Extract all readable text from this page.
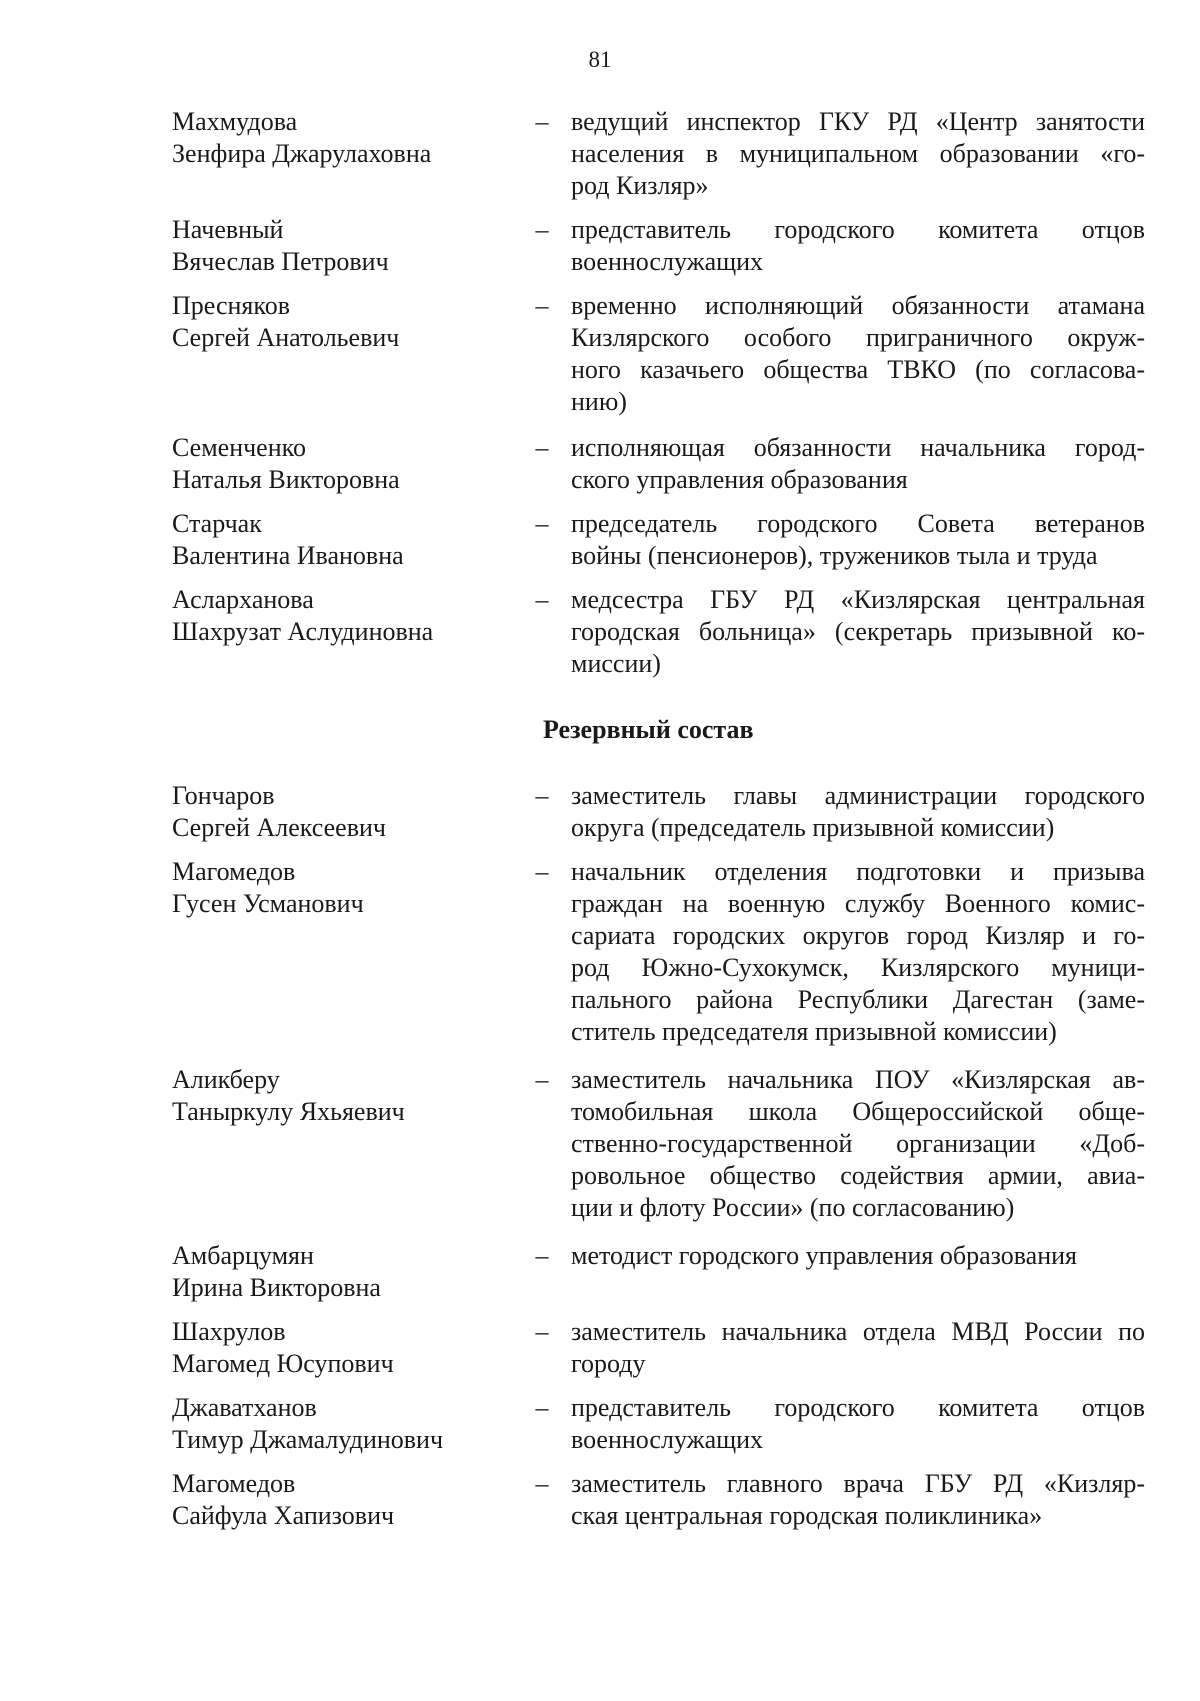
81
Махмудова
Зенфира Джарулаховна
– ведущий инспектор ГКУ РД «Центр занятости
населения в муниципальном образовании «го-
род Кизляр»
Начевный
Вячеслав Петрович
– представитель городского комитета отцов
военнослужащих
Пресняков
Сергей Анатольевич
– временно исполняющий обязанности атамана
Кизлярского особого приграничного окруж-
ного казачьего общества ТВКО (по согласова-
нию)
Семенченко
Наталья Викторовна
– исполняющая обязанности начальника город-
ского управления образования
Старчак
Валентина Ивановна
– председатель городского Совета ветеранов
войны (пенсионеров), тружеников тыла и труда
Асларханова
Шахрузат Аслудиновна
– медсестра ГБУ РД «Кизлярская центральная
городская больница» (секретарь призывной ко-
миссии)
Резервный состав
Гончаров
Сергей Алексеевич
– заместитель главы администрации городского
округа (председатель призывной комиссии)
Магомедов
Гусен Усманович
– начальник отделения подготовки и призыва
граждан на военную службу Военного комис-
сариата городских округов город Кизляр и го-
род Южно-Сухокумск, Кизлярского муници-
пального района Республики Дагестан (заме-
ститель председателя призывной комиссии)
Аликберу
Таныркулу Яхьяевич
– заместитель начальника ПОУ «Кизлярская ав-
томобильная школа Общероссийской обще-
ственно-государственной организации «Доб-
ровольное общество содействия армии, авиа-
ции и флоту России» (по согласованию)
Амбарцумян
Ирина Викторовна
– методист городского управления образования
Шахрулов
Магомед Юсупович
– заместитель начальника отдела МВД России по
городу
Джаватханов
Тимур Джамалудинович
– представитель городского комитета отцов
военнослужащих
Магомедов
Сайфула Хапизович
– заместитель главного врача ГБУ РД «Кизляр-
ская центральная городская поликлиника»
